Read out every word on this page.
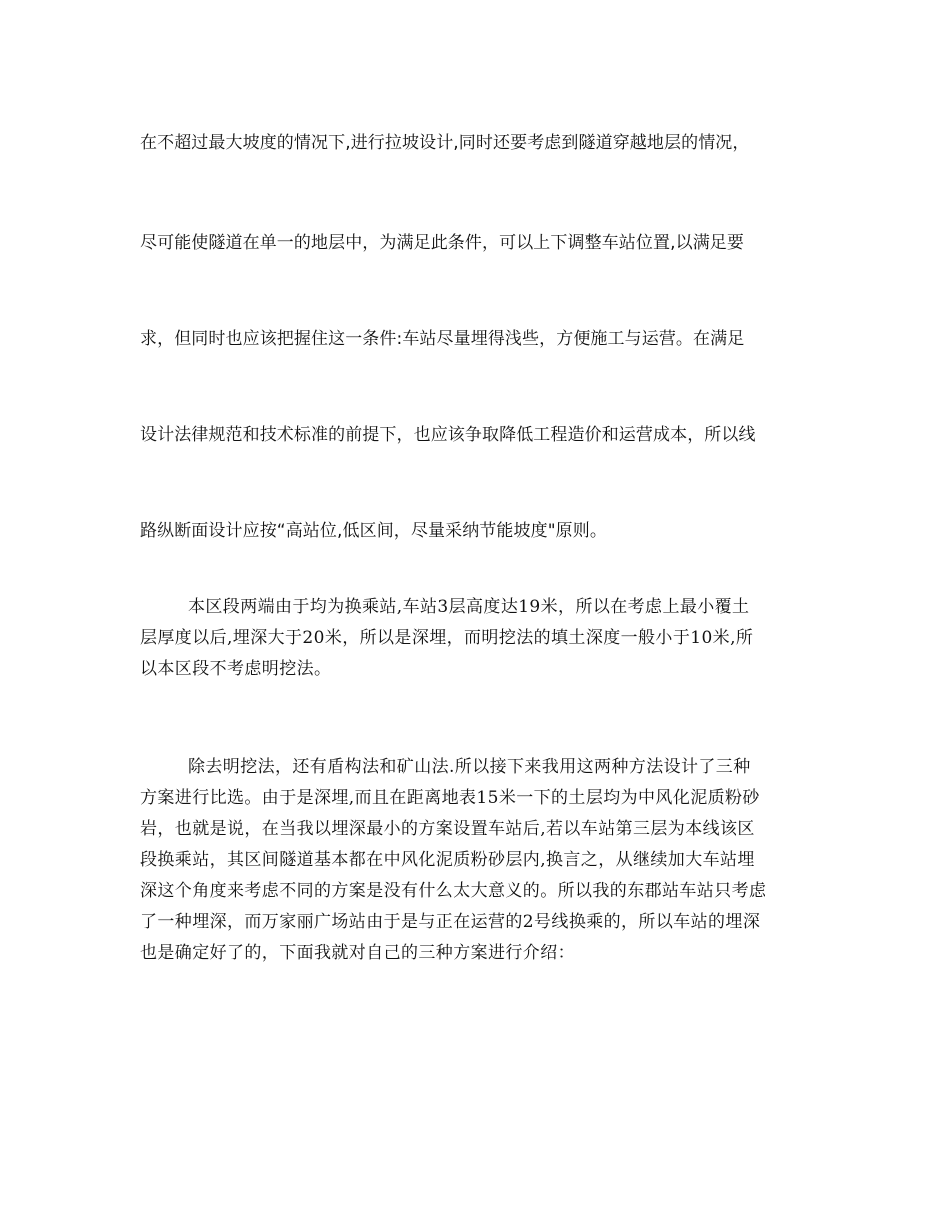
在不超过最大坡度的情况下,进行拉坡设计,同时还要考虑到隧道穿越地层的情况，
尽可能使隧道在单一的地层中，为满足此条件，可以上下调整车站位置,以满足要
求，但同时也应该把握住这一条件:车站尽量埋得浅些，方便施工与运营。在满足
设计法律规范和技术标准的前提下，也应该争取降低工程造价和运营成本，所以线
路纵断面设计应按“高站位,低区间，尽量采纳节能坡度"原则。
本区段两端由于均为换乘站,车站3层高度达19米，所以在考虑上最小覆土
层厚度以后,埋深大于20米，所以是深埋，而明挖法的填土深度一般小于10米,所
以本区段不考虑明挖法。
除去明挖法，还有盾构法和矿山法.所以接下来我用这两种方法设计了三种
方案进行比选。由于是深埋,而且在距离地表15米一下的土层均为中风化泥质粉砂
岩，也就是说，在当我以埋深最小的方案设置车站后,若以车站第三层为本线该区
段换乘站，其区间隧道基本都在中风化泥质粉砂层内,换言之，从继续加大车站埋
深这个角度来考虑不同的方案是没有什么太大意义的。所以我的东郡站车站只考虑
了一种埋深，而万家丽广场站由于是与正在运营的2号线换乘的，所以车站的埋深
也是确定好了的，下面我就对自己的三种方案进行介绍：
